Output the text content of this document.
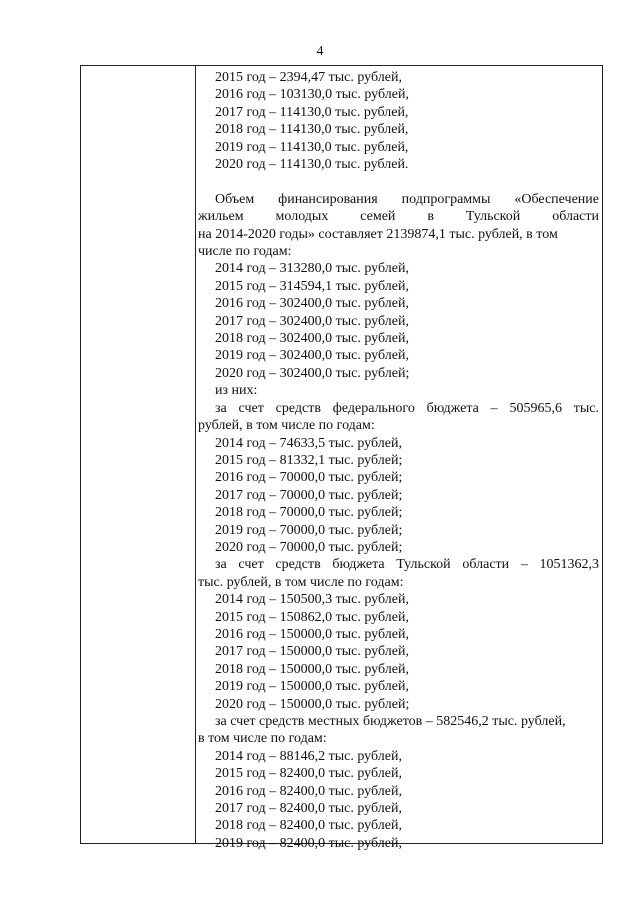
4
2015 год – 2394,47 тыс. рублей,
2016 год – 103130,0 тыс. рублей,
2017 год – 114130,0 тыс. рублей,
2018 год – 114130,0 тыс. рублей,
2019 год – 114130,0 тыс. рублей,
2020 год – 114130,0 тыс. рублей.
Объем финансирования подпрограммы «Обеспечение
жильем молодых семей в Тульской области
на 2014-2020 годы» составляет 2139874,1 тыс. рублей, в том
числе по годам:
2014 год – 313280,0 тыс. рублей,
2015 год – 314594,1 тыс. рублей,
2016 год – 302400,0 тыс. рублей,
2017 год – 302400,0 тыс. рублей,
2018 год – 302400,0 тыс. рублей,
2019 год – 302400,0 тыс. рублей,
2020 год – 302400,0 тыс. рублей;
из них:
за счет средств федерального бюджета – 505965,6 тыс.
рублей, в том числе по годам:
2014 год – 74633,5 тыс. рублей,
2015 год – 81332,1 тыс. рублей;
2016 год – 70000,0 тыс. рублей;
2017 год – 70000,0 тыс. рублей;
2018 год – 70000,0 тыс. рублей;
2019 год – 70000,0 тыс. рублей;
2020 год – 70000,0 тыс. рублей;
за счет средств бюджета Тульской области – 1051362,3
тыс. рублей, в том числе по годам:
2014 год – 150500,3 тыс. рублей,
2015 год – 150862,0 тыс. рублей,
2016 год – 150000,0 тыс. рублей,
2017 год – 150000,0 тыс. рублей,
2018 год – 150000,0 тыс. рублей,
2019 год – 150000,0 тыс. рублей,
2020 год – 150000,0 тыс. рублей;
за счет средств местных бюджетов – 582546,2 тыс. рублей,
в том числе по годам:
2014 год – 88146,2 тыс. рублей,
2015 год – 82400,0 тыс. рублей,
2016 год – 82400,0 тыс. рублей,
2017 год – 82400,0 тыс. рублей,
2018 год – 82400,0 тыс. рублей,
2019 год – 82400,0 тыс. рублей,
